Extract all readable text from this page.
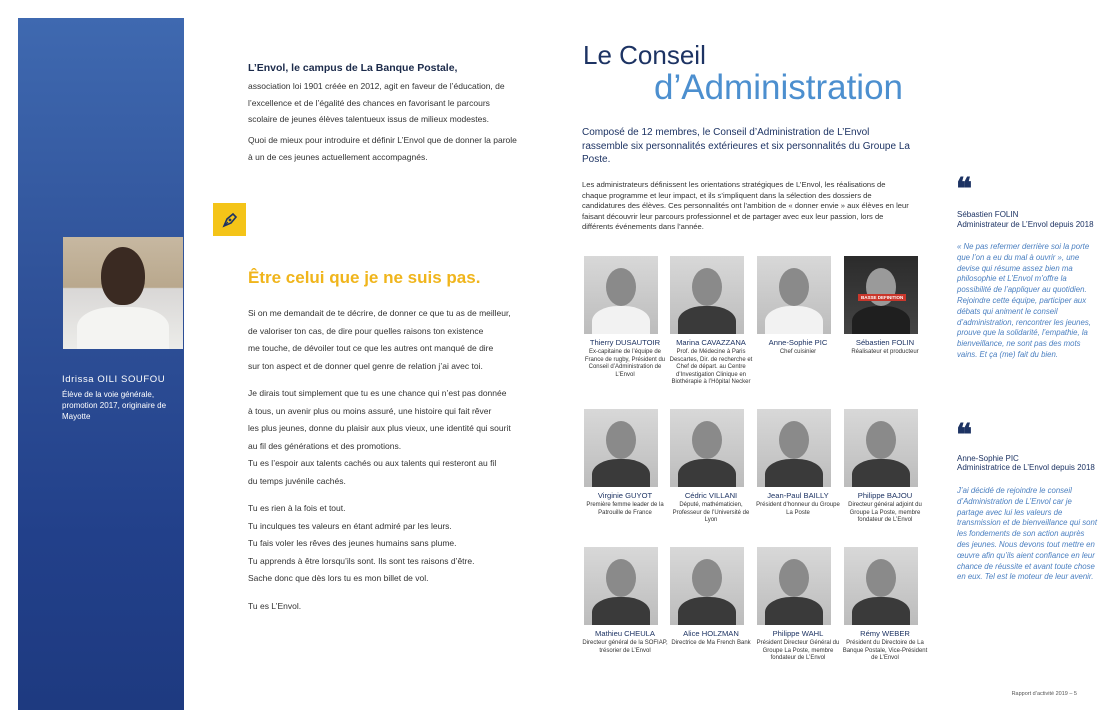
Idrissa OILI SOUFOU
Élève de la voie générale, promotion 2017, originaire de Mayotte
L’Envol, le campus de La Banque Postale,
association loi 1901 créée en 2012, agit en faveur de l’éducation, de l’excellence et de l’égalité des chances en favorisant le parcours scolaire de jeunes élèves talentueux issus de milieux modestes.
Quoi de mieux pour introduire et définir L’Envol que de donner la parole à un de ces jeunes actuellement accompagnés.
Être celui que je ne suis pas.

Si on me demandait de te décrire, de donner ce que tu as de meilleur,

de valoriser ton cas, de dire pour quelles raisons ton existence

me touche, de dévoiler tout ce que les autres ont manqué de dire

sur ton aspect et de donner quel genre de relation j’ai avec toi.

Je dirais tout simplement que tu es une chance qui n’est pas donnée

à tous, un avenir plus ou moins assuré, une histoire qui fait rêver

les plus jeunes, donne du plaisir aux plus vieux, une identité qui sourit

au fil des générations et des promotions.

Tu es l’espoir aux talents cachés ou aux talents qui resteront au fil

du temps juvénile cachés.

Tu es rien à la fois et tout.

Tu inculques tes valeurs en étant admiré par les leurs.

Tu fais voler les rêves des jeunes humains sans plume.

Tu apprends à être lorsqu’ils sont. Ils sont tes raisons d’être.

Sache donc que dès lors tu es mon billet de vol.

Tu es L’Envol.

Le Conseil
d’Administration
Composé de 12 membres, le Conseil d’Administration de L’Envol rassemble six personnalités extérieures et six personnalités du Groupe La Poste.
Les administrateurs définissent les orientations stratégiques de L’Envol, les réalisations de chaque programme et leur impact, et ils s’impliquent dans la sélection des dossiers de candidatures des élèves. Ces personnalités ont l’ambition de « donner envie » aux élèves en leur faisant découvrir leur parcours professionnel et de partager avec eux leur passion, lors de différents événements dans l’année.
Thierry DUSAUTOIR
Ex-capitaine de l’équipe de France de rugby, Président du Conseil d’Administration de L’Envol
Marina CAVAZZANA
Prof. de Médecine à Paris Descartes, Dir. de recherche et Chef de départ. au Centre d’Investigation Clinique en Biothérapie à l’Hôpital Necker
Anne-Sophie PIC
Chef cuisinier
BASSE DEFINITION
Sébastien FOLIN
Réalisateur et producteur
Virginie GUYOT
Première femme leader de la Patrouille de France
Cédric VILLANI
Député, mathématicien, Professeur de l’Université de Lyon
Jean-Paul BAILLY
Président d’honneur du Groupe La Poste
Philippe BAJOU
Directeur général adjoint du Groupe La Poste, membre fondateur de L’Envol
Mathieu CHEULA
Directeur général de la SOFIAP, trésorier de L’Envol
Alice HOLZMAN
Directrice de Ma French Bank
Philippe WAHL
Président Directeur Général du Groupe La Poste, membre fondateur de L’Envol
Rémy WEBER
Président du Directoire de La Banque Postale, Vice-Président de L’Envol
❝
Sébastien FOLIN
Administrateur de L’Envol depuis 2018
« Ne pas refermer derrière soi la porte que l’on a eu du mal à ouvrir », une devise qui résume assez bien ma philosophie et L’Envol m’offre la possibilité de l’appliquer au quotidien. Rejoindre cette équipe, participer aux débats qui animent le conseil d’administration, rencontrer les jeunes, prouve que la solidarité, l’empathie, la bienveillance, ne sont pas des mots vains. Et ça (me) fait du bien.
❝
Anne-Sophie PIC
Administratrice de L’Envol depuis 2018
J’ai décidé de rejoindre le conseil d’Administration de L’Envol car je partage avec lui les valeurs de transmission et de bienveillance qui sont les fondements de son action auprès des jeunes. Nous devons tout mettre en œuvre afin qu’ils aient confiance en leur chance de réussite et avant toute chose en eux. Tel est le moteur de leur avenir.
Rapport d’activité 2019 – 5
